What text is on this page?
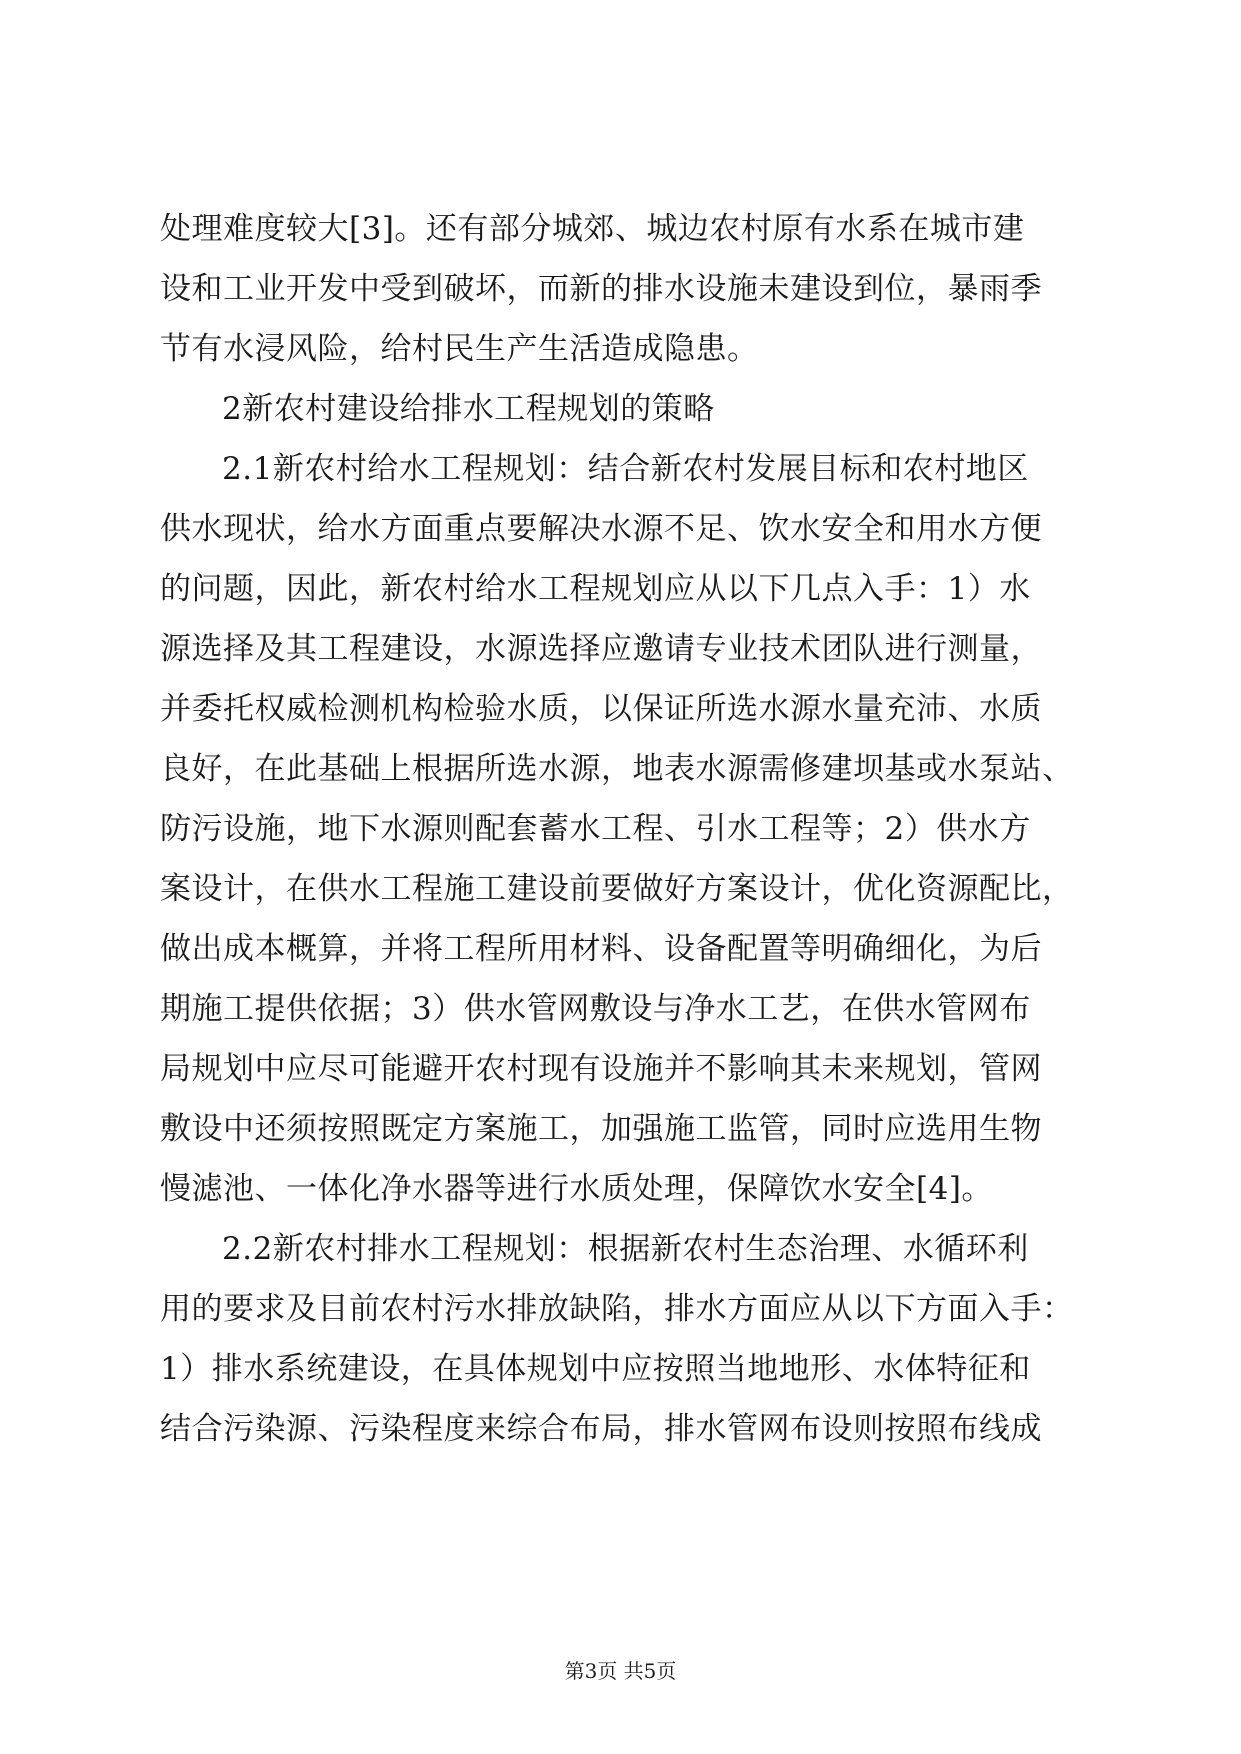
处理难度较大[3]。还有部分城郊、城边农村原有水系在城市建
设和工业开发中受到破坏，而新的排水设施未建设到位，暴雨季
节有水浸风险，给村民生产生活造成隐患。
2新农村建设给排水工程规划的策略
2.1新农村给水工程规划：结合新农村发展目标和农村地区
供水现状，给水方面重点要解决水源不足、饮水安全和用水方便
的问题，因此，新农村给水工程规划应从以下几点入手：1）水
源选择及其工程建设，水源选择应邀请专业技术团队进行测量，
并委托权威检测机构检验水质，以保证所选水源水量充沛、水质
良好，在此基础上根据所选水源，地表水源需修建坝基或水泵站、
防污设施，地下水源则配套蓄水工程、引水工程等；2）供水方
案设计，在供水工程施工建设前要做好方案设计，优化资源配比，
做出成本概算，并将工程所用材料、设备配置等明确细化，为后
期施工提供依据；3）供水管网敷设与净水工艺，在供水管网布
局规划中应尽可能避开农村现有设施并不影响其未来规划，管网
敷设中还须按照既定方案施工，加强施工监管，同时应选用生物
慢滤池、一体化净水器等进行水质处理，保障饮水安全[4]。
2.2新农村排水工程规划：根据新农村生态治理、水循环利
用的要求及目前农村污水排放缺陷，排水方面应从以下方面入手：
1）排水系统建设，在具体规划中应按照当地地形、水体特征和
结合污染源、污染程度来综合布局，排水管网布设则按照布线成
第3页 共5页
